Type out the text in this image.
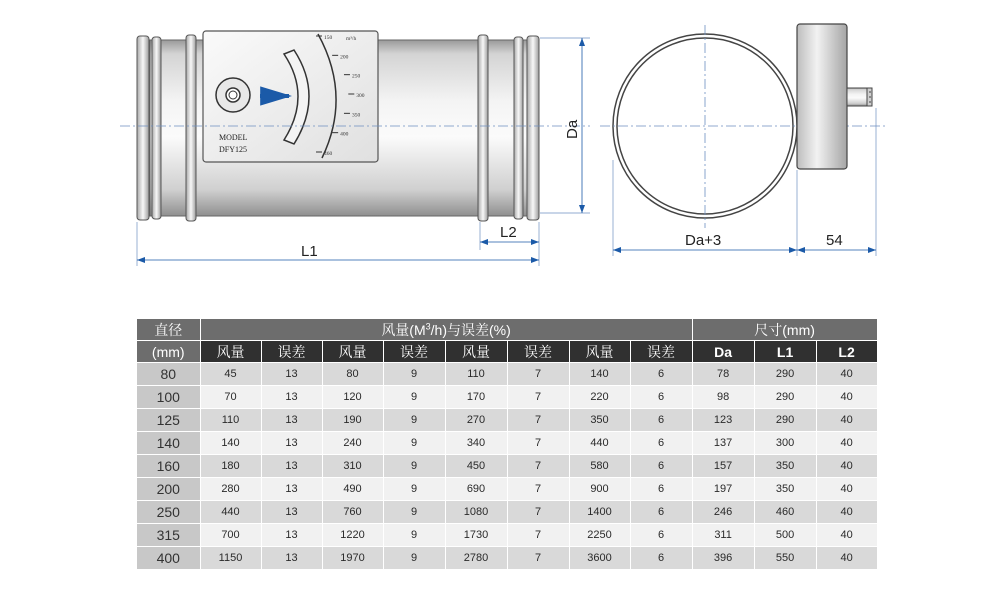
150
200
250
300
350
400
460
m³/h
MODEL
DFY125
Da
L2
L1
Da+3	54
直径	风量$(M^3/h)$与误差(%)								尺寸(mm)		
(mm)	风量	误差	风量	误差	风量	误差	风量	误差	Da	L1	L2
80	45	13	80	9	110	7	140	6	78	290	40
100	70	13	120	9	170	7	220	6	98	290	40
125	110	13	190	9	270	7	350	6	123	290	40
140	140	13	240	9	340	7	440	6	137	300	40
160	180	13	310	9	450	7	580	6	157	350	40
200	280	13	490	9	690	7	900	6	197	350	40
250	440	13	760	9	1080	7	1400	6	246	460	40
315	700	13	1220	9	1730	7	2250	6	311	500	40
400	1150	13	1970	9	2780	7	3600	6	396	550	40
